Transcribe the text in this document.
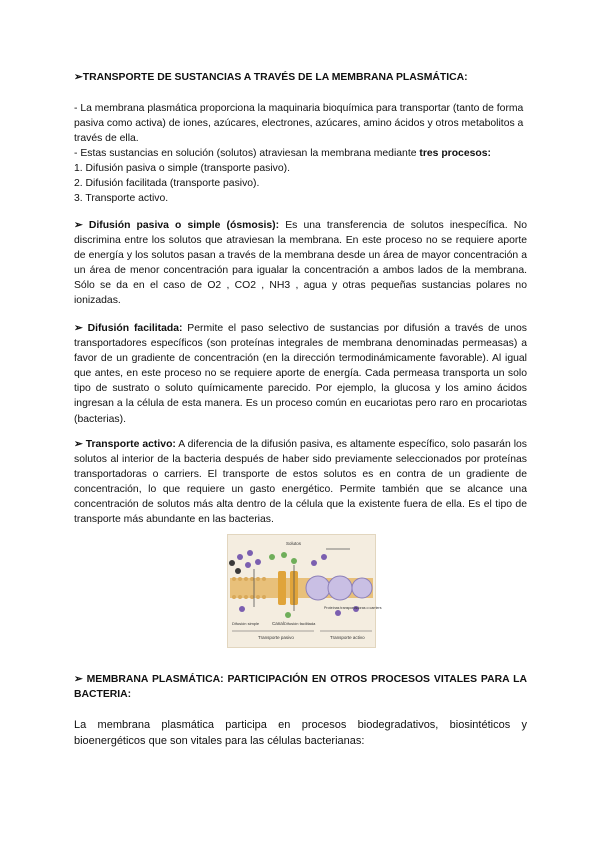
➢TRANSPORTE DE SUSTANCIAS A TRAVÉS DE LA MEMBRANA PLASMÁTICA:
- La membrana plasmática proporciona la maquinaria bioquímica para transportar (tanto de forma pasiva como activa) de iones, azúcares, electrones, azúcares, amino ácidos y otros metabolitos a través de ella.
- Estas sustancias en solución (solutos) atraviesan la membrana mediante tres procesos:
1. Difusión pasiva o simple (transporte pasivo).
2. Difusión facilitada (transporte pasivo).
3. Transporte activo.
➢ Difusión pasiva o simple (ósmosis): Es una transferencia de solutos inespecífica. No discrimina entre los solutos que atraviesan la membrana. En este proceso no se requiere aporte de energía y los solutos pasan a través de la membrana desde un área de mayor concentración a un área de menor concentración para igualar la concentración a ambos lados de la membrana. Sólo se da en el caso de O2 , CO2 , NH3 , agua y otras pequeñas sustancias polares no ionizadas.
➢ Difusión facilitada: Permite el paso selectivo de sustancias por difusión a través de unos transportadores específicos (son proteínas integrales de membrana denominadas permeasas) a favor de un gradiente de concentración (en la dirección termodinámicamente favorable). Al igual que antes, en este proceso no se requiere aporte de energía. Cada permeasa transporta un solo tipo de sustrato o soluto químicamente parecido. Por ejemplo, la glucosa y los amino ácidos ingresan a la célula de esta manera. Es un proceso común en eucariotas pero raro en procariotas (bacterias).
➢ Transporte activo: A diferencia de la difusión pasiva, es altamente específico, solo pasarán los solutos al interior de la bacteria después de haber sido previamente seleccionados por proteínas transportadoras o carriers. El transporte de estos solutos es en contra de un gradiente de concentración, lo que requiere un gasto energético. Permite también que se alcance una concentración de solutos más alta dentro de la célula que la existente fuera de ella. Es el tipo de transporte más abundante en las bacterias.
Solutos
Canal
Difusión simple	Difusión facilitada
Proteínas transportadoras o carriers
Transporte pasivo	Transporte activo
➢ MEMBRANA PLASMÁTICA: PARTICIPACIÓN EN OTROS PROCESOS VITALES PARA LA BACTERIA:
La membrana plasmática participa en procesos biodegradativos, biosintéticos y bioenergéticos que son vitales para las células bacterianas:
